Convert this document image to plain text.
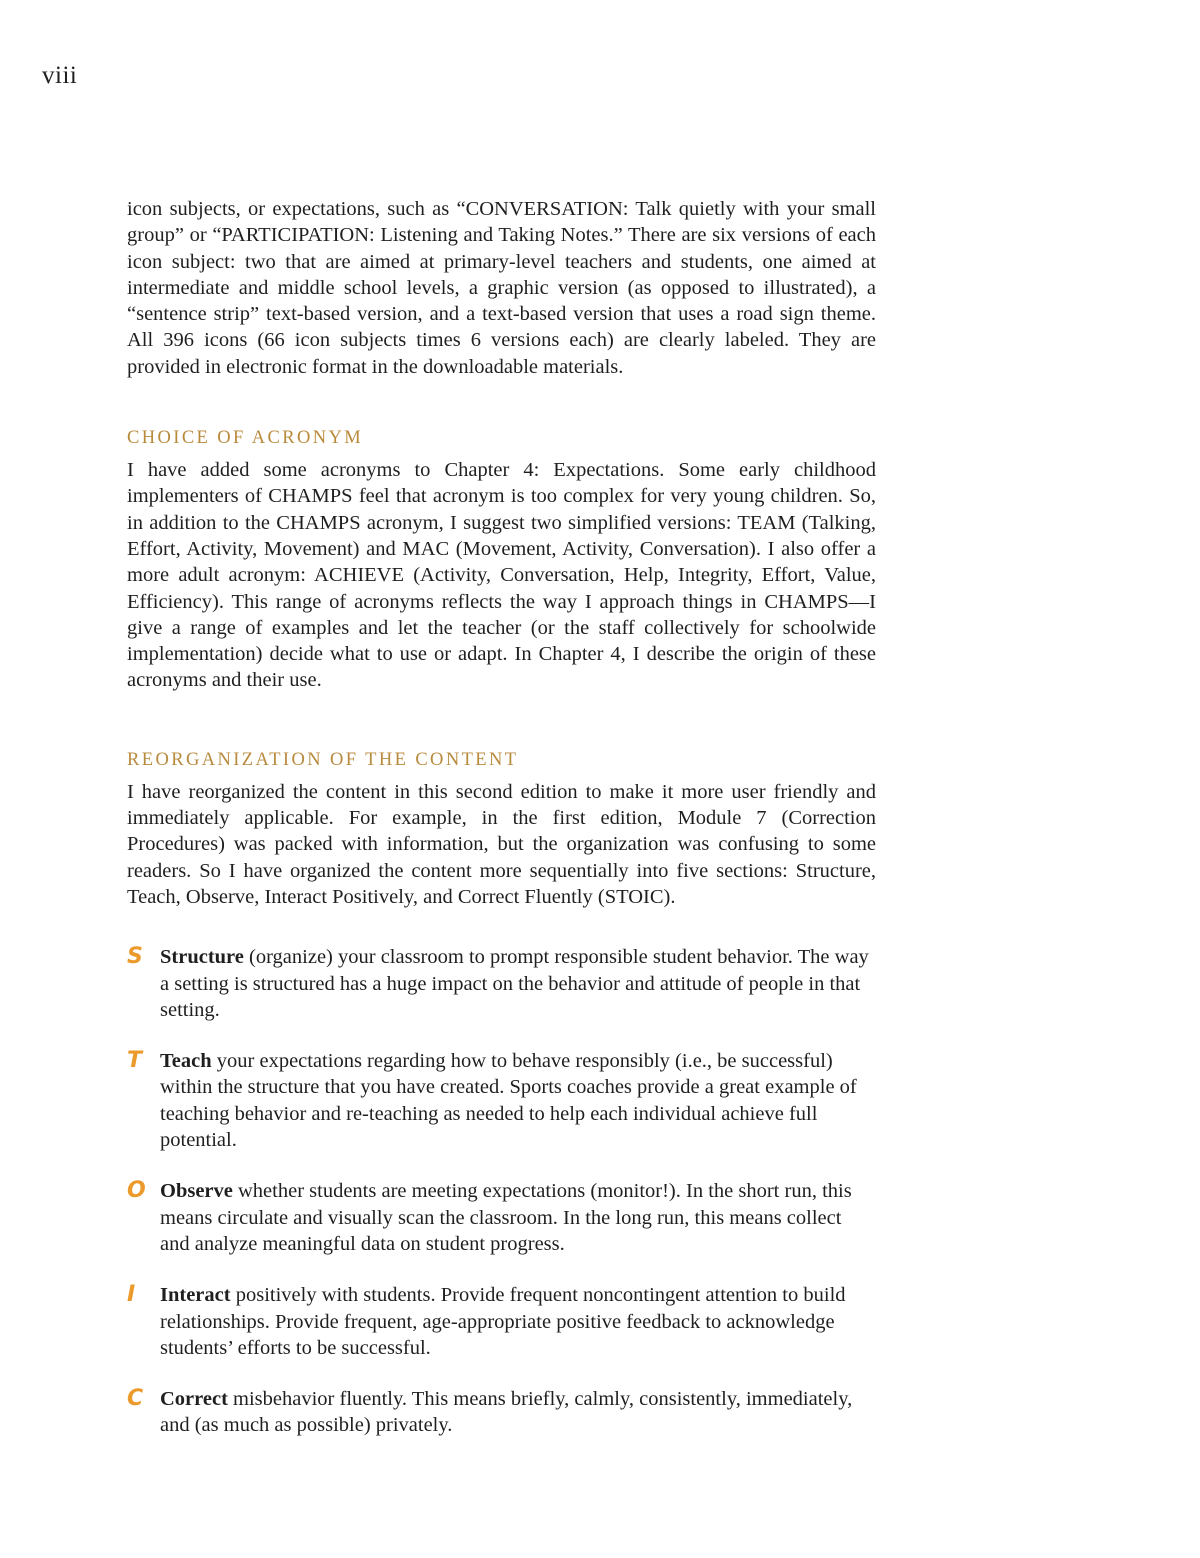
viii

icon subjects, or expectations, such as “CONVERSATION: Talk quietly with your small group” or “PARTICIPATION: Listening and Taking Notes.” There are six versions of each icon subject: two that are aimed at primary-level teachers and students, one aimed at intermediate and middle school levels, a graphic version (as opposed to illustrated), a “sentence strip” text-based version, and a text-based version that uses a road sign theme. All 396 icons (66 icon subjects times 6 versions each) are clearly labeled. They are provided in electronic format in the downloadable materials.

CHOICE OF ACRONYM

I have added some acronyms to Chapter 4: Expectations. Some early childhood implementers of CHAMPS feel that acronym is too complex for very young children. So, in addition to the CHAMPS acronym, I suggest two simplified versions: TEAM (Talking, Effort, Activity, Movement) and MAC (Movement, Activity, Conversation). I also offer a more adult acronym: ACHIEVE (Activity, Conversation, Help, Integrity, Effort, Value, Efficiency). This range of acronyms reflects the way I approach things in CHAMPS—I give a range of examples and let the teacher (or the staff collectively for schoolwide implementation) decide what to use or adapt. In Chapter 4, I describe the origin of these acronyms and their use.

REORGANIZATION OF THE CONTENT

I have reorganized the content in this second edition to make it more user friendly and immediately applicable. For example, in the first edition, Module 7 (Correction Procedures) was packed with information, but the organization was confusing to some readers. So I have organized the content more sequentially into five sections: Structure, Teach, Observe, Interact Positively, and Correct Fluently (STOIC).

S Structure (organize) your classroom to prompt responsible student behavior. The way a setting is structured has a huge impact on the behavior and attitude of people in that setting.
T Teach your expectations regarding how to behave responsibly (i.e., be successful) within the structure that you have created. Sports coaches provide a great example of teaching behavior and re-teaching as needed to help each individual achieve full potential.
O Observe whether students are meeting expectations (monitor!). In the short run, this means circulate and visually scan the classroom. In the long run, this means collect and analyze meaningful data on student progress.
I	Interact positively with students. Provide frequent noncontingent attention to build relationships. Provide frequent, age-appropriate positive feedback to acknowledge students’ efforts to be successful.
C Correct misbehavior fluently. This means briefly, calmly, consistently, immediately, and (as much as possible) privately.
